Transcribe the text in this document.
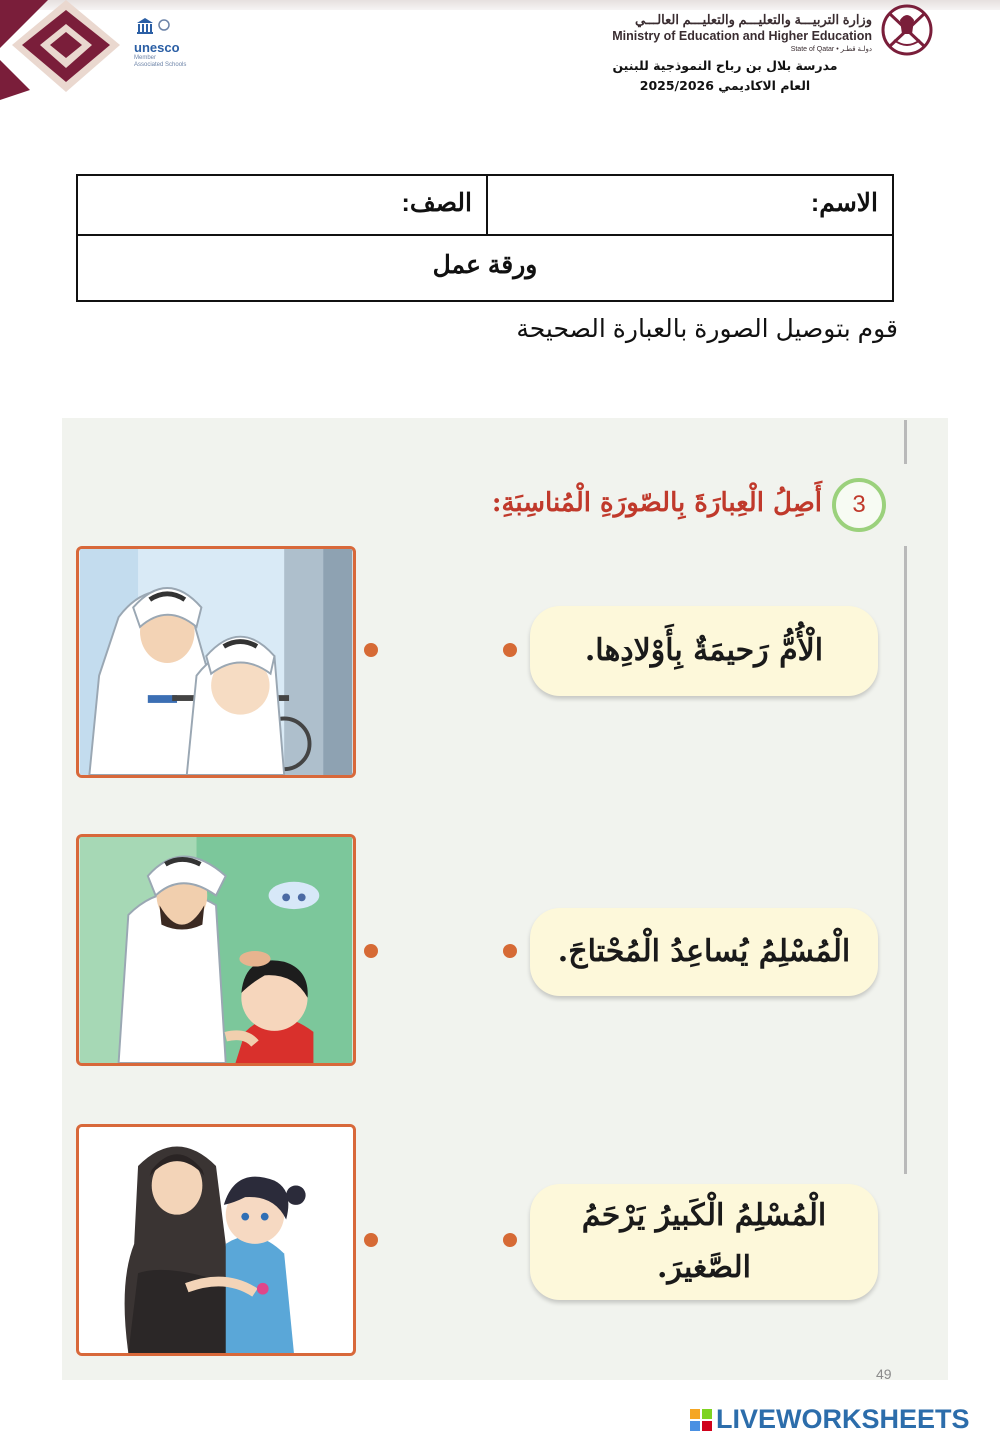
unesco
Member
Associated Schools
وزارة التربيـــة والتعليـــم والتعليـــم العالـــي
Ministry of Education and Higher Education
State of Qatar • دولـة قطـر
مدرسة بلال بن رباح النموذجية للبنين
العام الاكاديمي 2025/2026
الاسم:
الصف:
ورقة عمل
قوم بتوصيل الصورة بالعبارة الصحيحة
3
أَصِلُ الْعِبارَةَ بِالصّورَةِ الْمُناسِبَةِ:
الْأُمُّ رَحيمَةٌ بِأَوْلادِها.
الْمُسْلِمُ يُساعِدُ الْمُحْتاجَ.
الْمُسْلِمُ الْكَبيرُ يَرْحَمُ الصَّغيرَ.
49
LIVEWORKSHEETS
